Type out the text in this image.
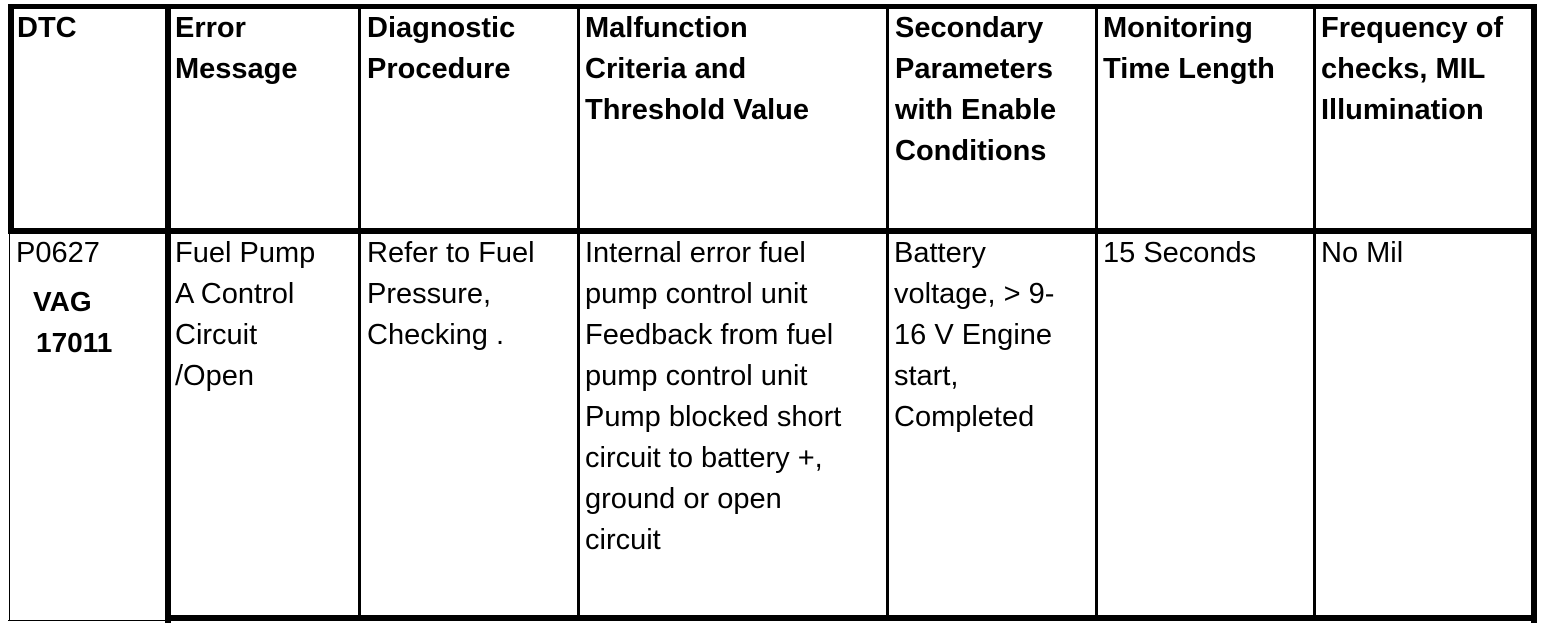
DTC	Error
Message
Diagnostic
Procedure
Malfunction
Criteria and
Threshold Value
Secondary
Parameters
with Enable
Conditions
Monitoring
Time Length
Frequency of
checks, MIL
Illumination
P0627
VAG
17011
Fuel Pump
A Control
Circuit
/Open
Refer to Fuel
Pressure,
Checking .
Internal error fuel
pump control unit
Feedback from fuel
pump control unit
Pump blocked short
circuit to battery +,
ground or open
circuit
Battery
voltage, > 9-
16 V Engine
start,
Completed
15 Seconds No Mil
